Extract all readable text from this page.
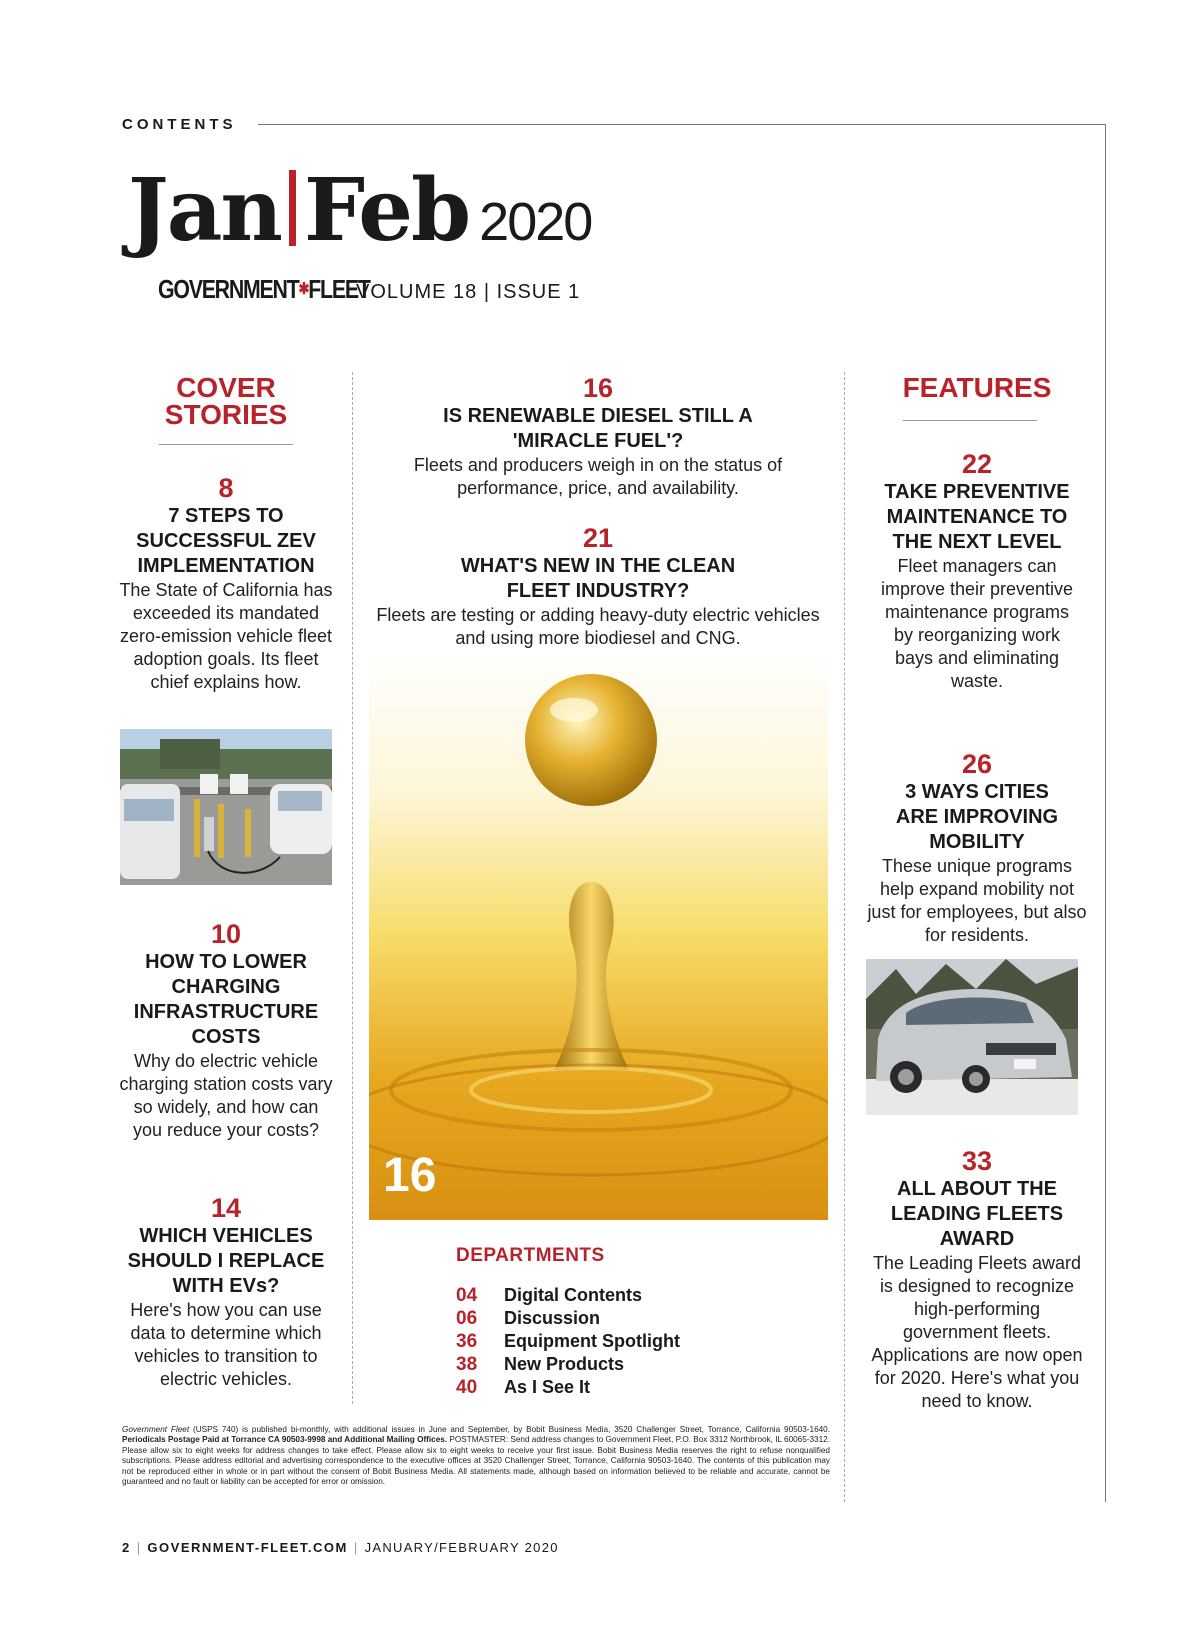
CONTENTS
Jan Feb 2020
GOVERNMENT✱FLEET
VOLUME 18 | ISSUE 1
COVER
STORIES
8
7 STEPS TO SUCCESSFUL ZEV IMPLEMENTATION
The State of California has exceeded its mandated zero-emission vehicle fleet adoption goals. Its fleet chief explains how.
10
HOW TO LOWER CHARGING INFRASTRUCTURE COSTS
Why do electric vehicle charging station costs vary so widely, and how can you reduce your costs?
14
WHICH VEHICLES SHOULD I REPLACE WITH EVs?
Here's how you can use data to determine which vehicles to transition to electric vehicles.
16
IS RENEWABLE DIESEL STILL A 'MIRACLE FUEL'?
Fleets and producers weigh in on the status of performance, price, and availability.
21
WHAT'S NEW IN THE CLEAN FLEET INDUSTRY?
Fleets are testing or adding heavy-duty electric vehicles and using more biodiesel and CNG.
16
DEPARTMENTS
04 Digital Contents
06 Discussion
36 Equipment Spotlight
38 New Products
40 As I See It
FEATURES
22
TAKE PREVENTIVE MAINTENANCE TO THE NEXT LEVEL
Fleet managers can improve their preventive maintenance programs by reorganizing work bays and eliminating waste.
26
3 WAYS CITIES ARE IMPROVING MOBILITY
These unique programs help expand mobility not just for employees, but also for residents.
33
ALL ABOUT THE LEADING FLEETS AWARD
The Leading Fleets award is designed to recognize high-performing government fleets. Applications are now open for 2020. Here's what you need to know.
Government Fleet (USPS 740) is published bi-monthly, with additional issues in June and September, by Bobit Business Media, 3520 Challenger Street, Torrance, California 90503-1640. Periodicals Postage Paid at Torrance CA 90503-9998 and Additional Mailing Offices. POSTMASTER: Send address changes to Government Fleet, P.O. Box 3312 Northbrook, IL 60065-3312. Please allow six to eight weeks for address changes to take effect. Please allow six to eight weeks to receive your first issue. Bobit Business Media reserves the right to refuse nonqualified subscriptions. Please address editorial and advertising correspondence to the executive offices at 3520 Challenger Street, Torrance, California 90503-1640. The contents of this publication may not be reproduced either in whole or in part without the consent of Bobit Business Media. All statements made, although based on information believed to be reliable and accurate, cannot be guaranteed and no fault or liability can be accepted for error or omission.
2 | GOVERNMENT-FLEET.COM | JANUARY/FEBRUARY 2020
